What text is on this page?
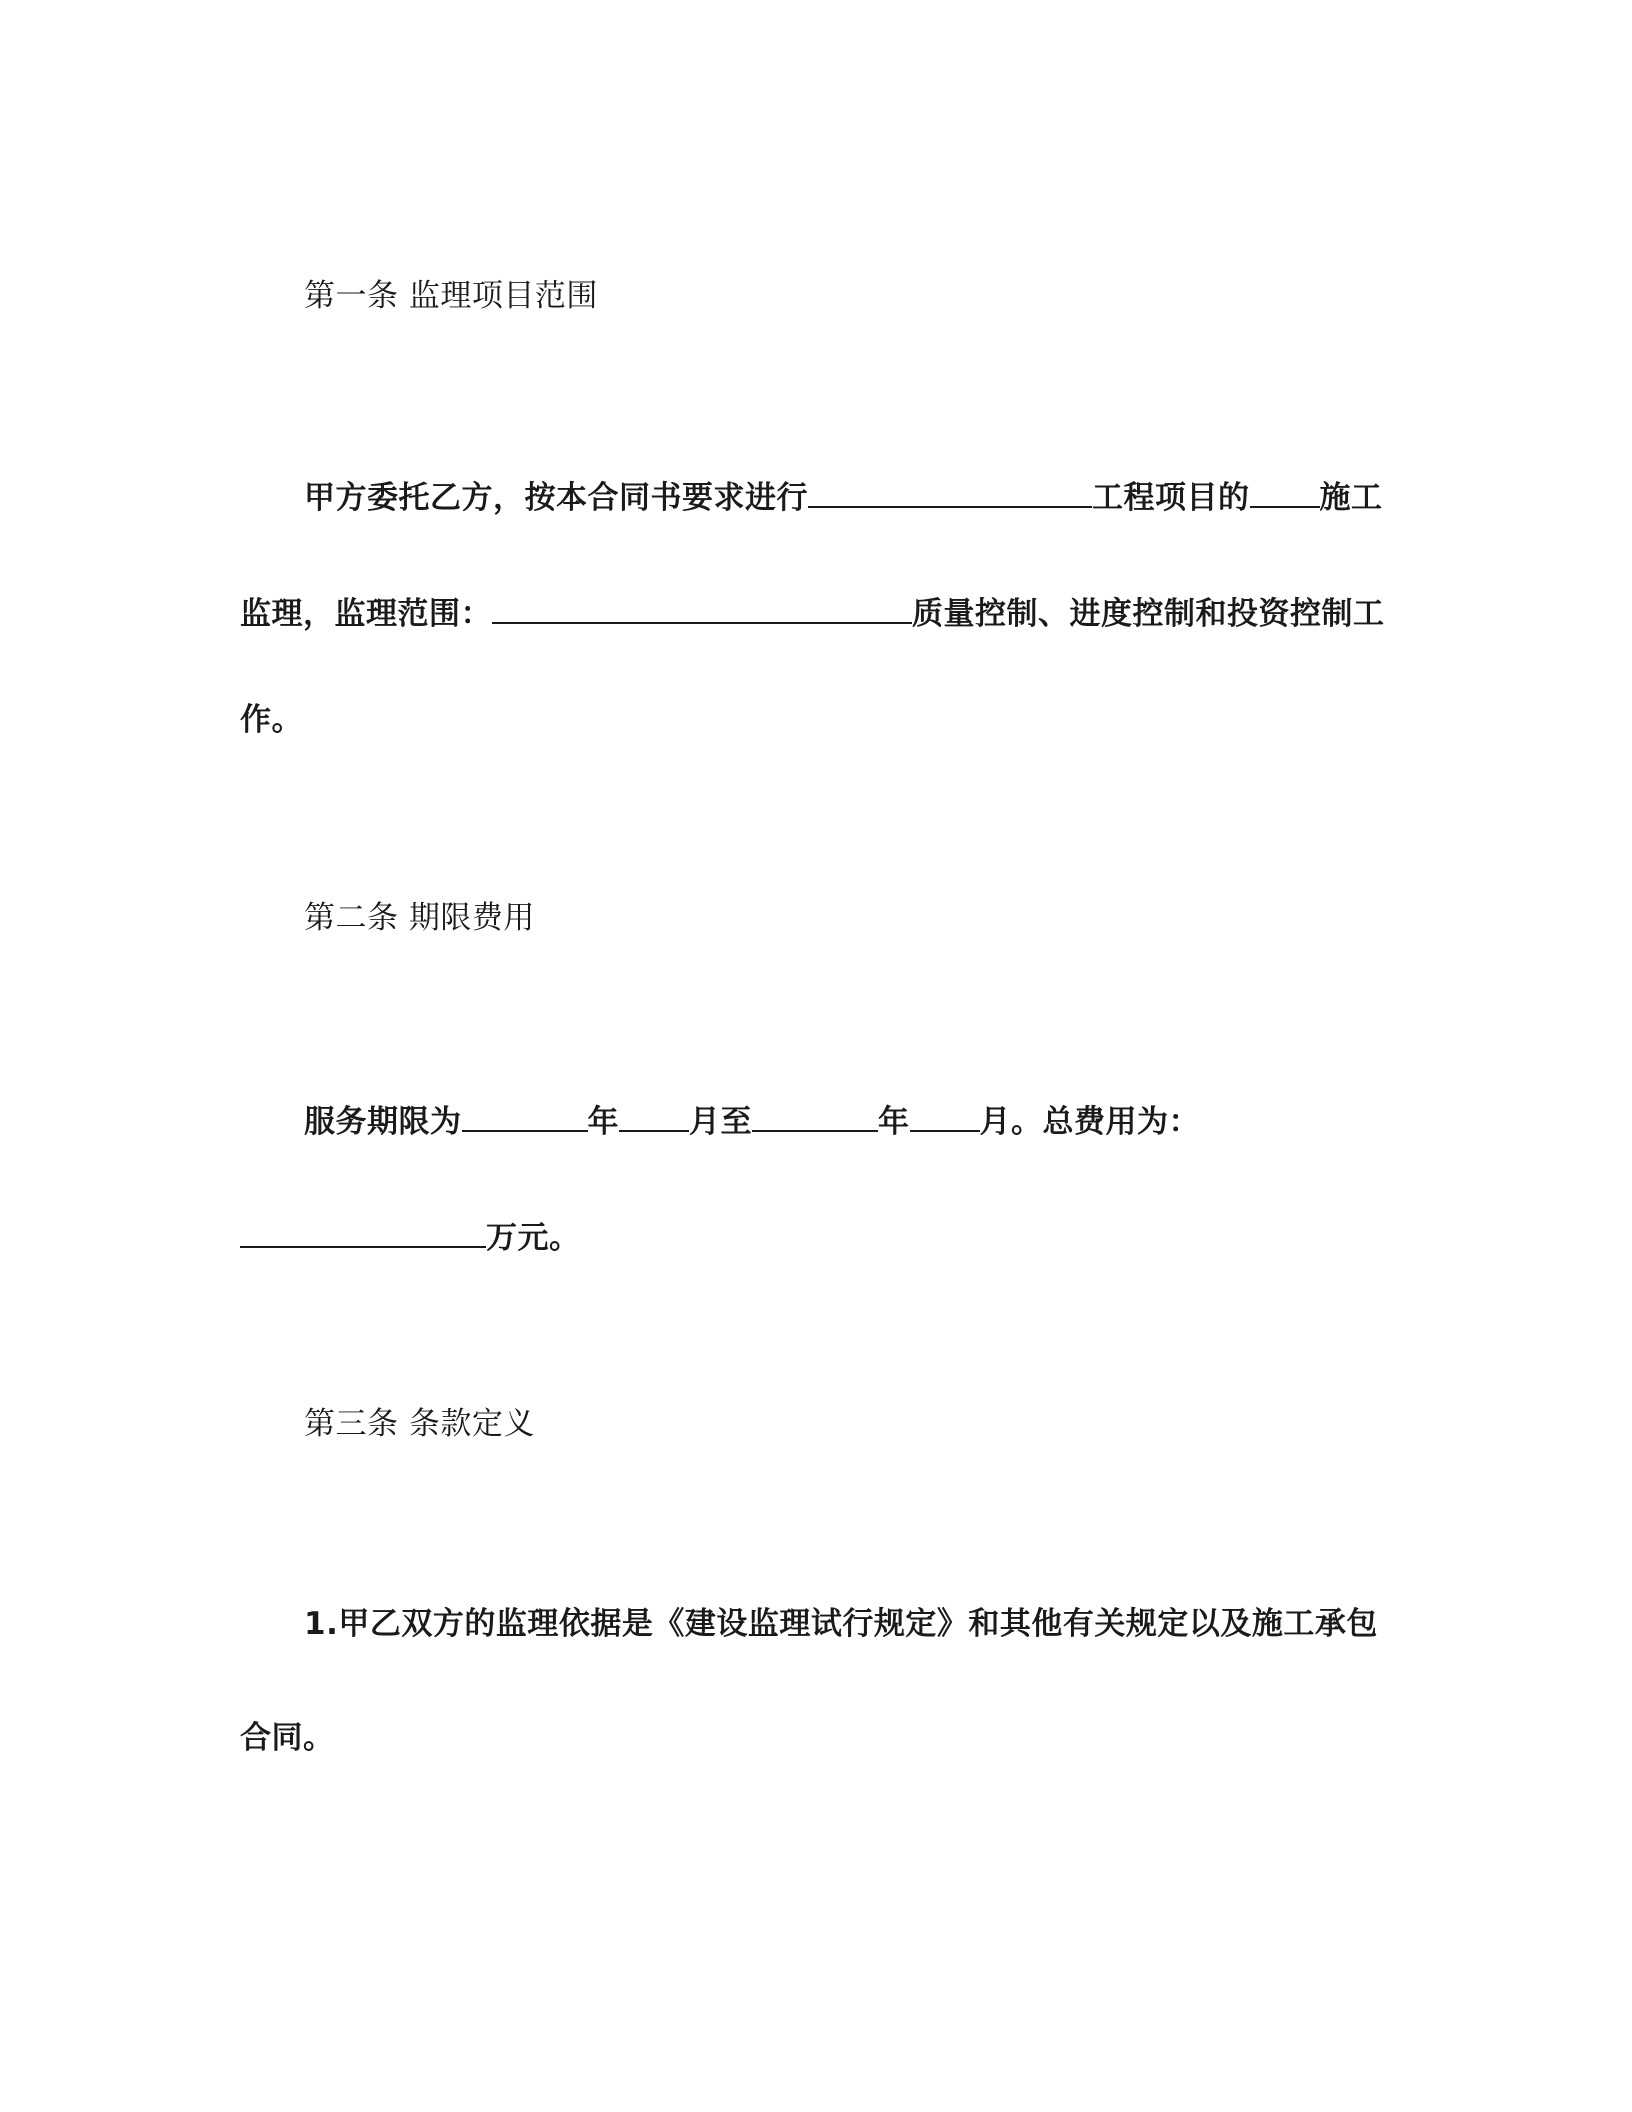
第一条 监理项目范围
甲方委托乙方，按本合同书要求进行	工程项目的 施工
监理，监理范围：	质量控制、进度控制和投资控制工
作。
第二条 期限费用
服务期限为	年 月至	年 月。总费用为：
万元。
第三条 条款定义
1.甲乙双方的监理依据是《建设监理试行规定》和其他有关规定以及施工承包
合同。
